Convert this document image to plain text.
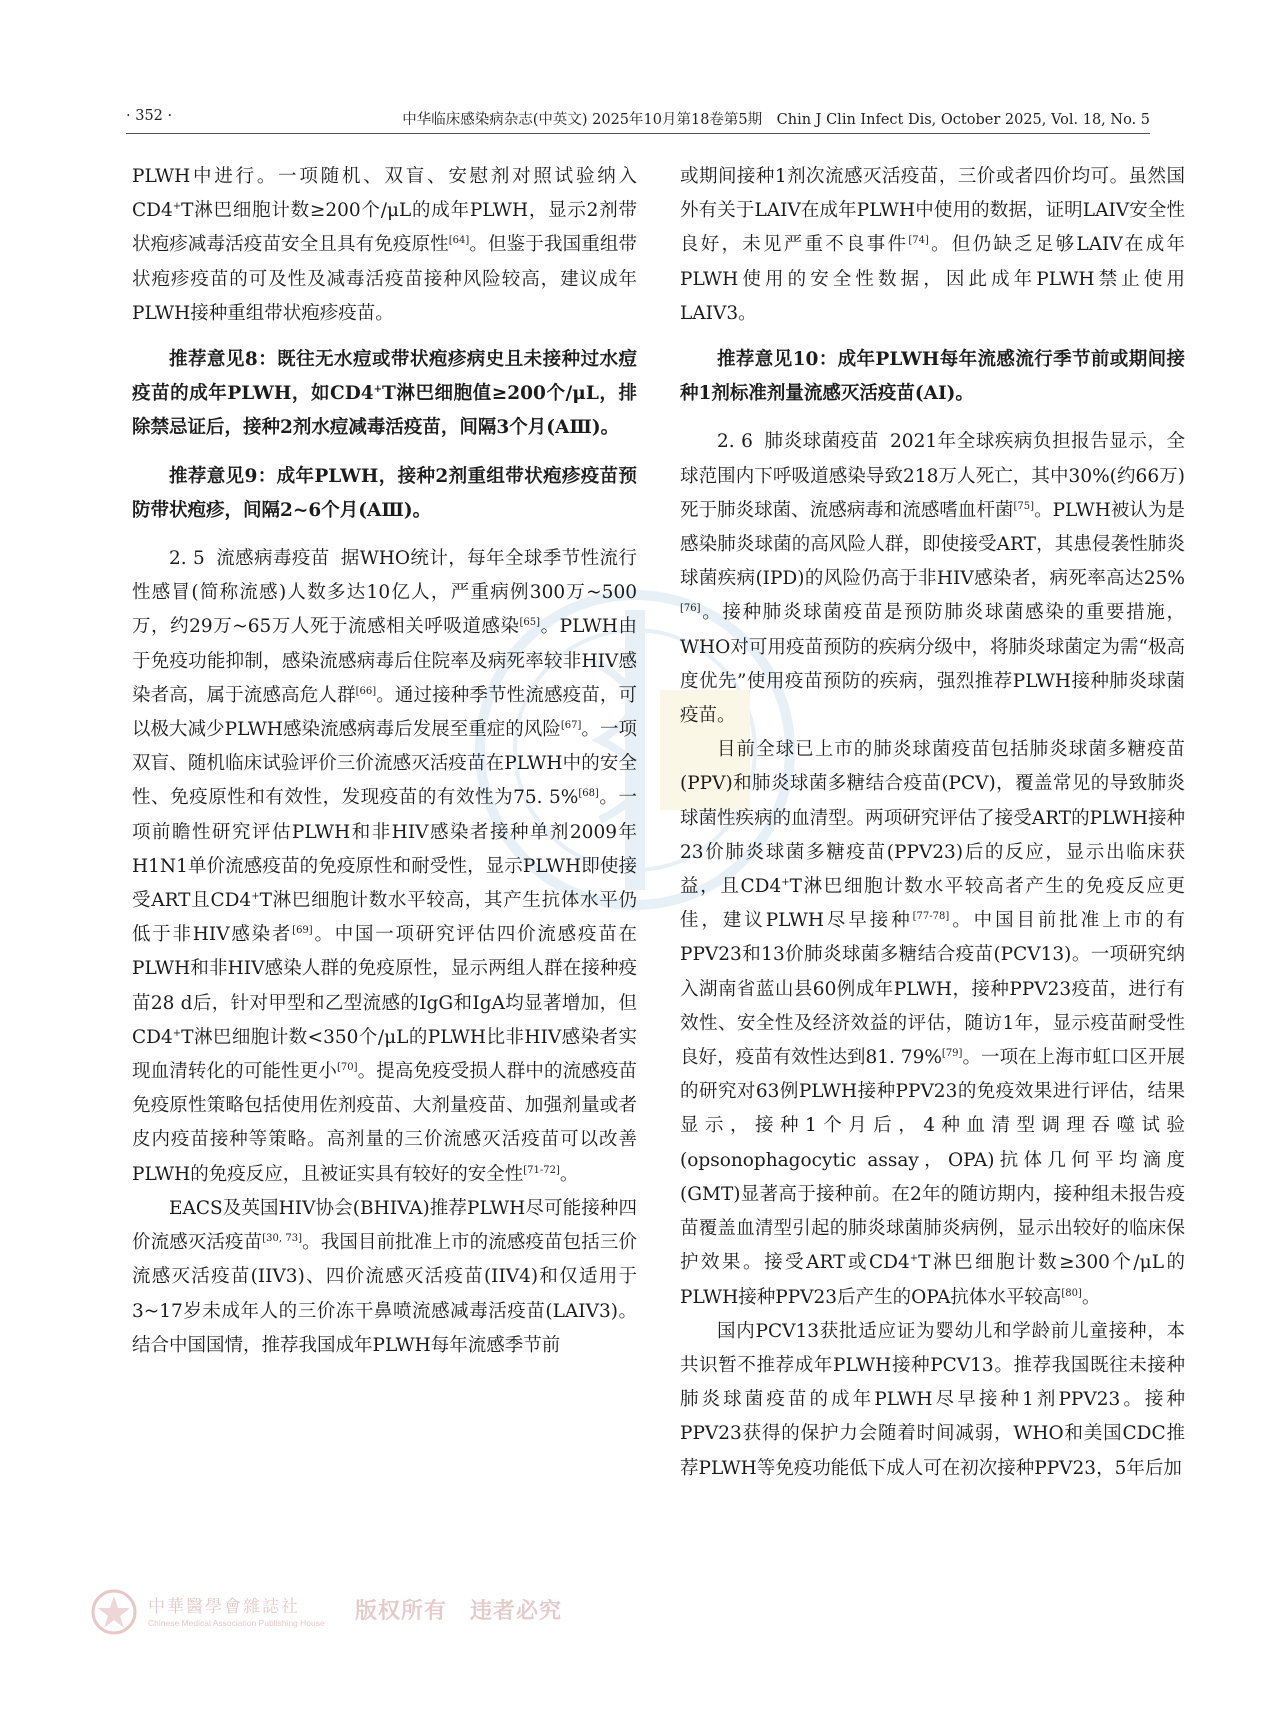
· 352 ·	中华临床感染病杂志(中英文) 2025年10月第18卷第5期　Chin J Clin Infect Dis, October 2025, Vol. 18, No. 5

PLWH中进行。一项随机、双盲、安慰剂对照试验纳入CD4+T淋巴细胞计数≥200个/μL的成年PLWH，显示2剂带状疱疹减毒活疫苗安全且具有免疫原性[64]。但鉴于我国重组带状疱疹疫苗的可及性及减毒活疫苗接种风险较高，建议成年PLWH接种重组带状疱疹疫苗。

推荐意见8：既往无水痘或带状疱疹病史且未接种过水痘疫苗的成年PLWH，如CD4+T淋巴细胞值≥200个/μL，排除禁忌证后，接种2剂水痘减毒活疫苗，间隔3个月(AⅢ)。

推荐意见9：成年PLWH，接种2剂重组带状疱疹疫苗预防带状疱疹，间隔2~6个月(AⅢ)。

2. 5 流感病毒疫苗 据WHO统计，每年全球季节性流行性感冒(简称流感)人数多达10亿人，严重病例300万~500万，约29万~65万人死于流感相关呼吸道感染[65]。PLWH由于免疫功能抑制，感染流感病毒后住院率及病死率较非HIV感染者高，属于流感高危人群[66]。通过接种季节性流感疫苗，可以极大减少PLWH感染流感病毒后发展至重症的风险[67]。一项双盲、随机临床试验评价三价流感灭活疫苗在PLWH中的安全性、免疫原性和有效性，发现疫苗的有效性为75. 5%[68]。一项前瞻性研究评估PLWH和非HIV感染者接种单剂2009年H1N1单价流感疫苗的免疫原性和耐受性，显示PLWH即使接受ART且CD4+T淋巴细胞计数水平较高，其产生抗体水平仍低于非HIV感染者[69]。中国一项研究评估四价流感疫苗在PLWH和非HIV感染人群的免疫原性，显示两组人群在接种疫苗28 d后，针对甲型和乙型流感的IgG和IgA均显著增加，但CD4+T淋巴细胞计数<350个/μL的PLWH比非HIV感染者实现血清转化的可能性更小[70]。提高免疫受损人群中的流感疫苗免疫原性策略包括使用佐剂疫苗、大剂量疫苗、加强剂量或者皮内疫苗接种等策略。高剂量的三价流感灭活疫苗可以改善PLWH的免疫反应，且被证实具有较好的安全性[71-72]。

EACS及英国HIV协会(BHIVA)推荐PLWH尽可能接种四价流感灭活疫苗[30, 73]。我国目前批准上市的流感疫苗包括三价流感灭活疫苗(IIV3)、四价流感灭活疫苗(IIV4)和仅适用于3~17岁未成年人的三价冻干鼻喷流感减毒活疫苗(LAIV3)。结合中国国情，推荐我国成年PLWH每年流感季节前

或期间接种1剂次流感灭活疫苗，三价或者四价均可。虽然国外有关于LAIV在成年PLWH中使用的数据，证明LAIV安全性良好，未见严重不良事件[74]。但仍缺乏足够LAIV在成年PLWH使用的安全性数据，因此成年PLWH禁止使用LAIV3。

推荐意见10：成年PLWH每年流感流行季节前或期间接种1剂标准剂量流感灭活疫苗(AⅠ)。

2. 6 肺炎球菌疫苗 2021年全球疾病负担报告显示，全球范围内下呼吸道感染导致218万人死亡，其中30%(约66万)死于肺炎球菌、流感病毒和流感嗜血杆菌[75]。PLWH被认为是感染肺炎球菌的高风险人群，即使接受ART，其患侵袭性肺炎球菌疾病(IPD)的风险仍高于非HIV感染者，病死率高达25%[76]。接种肺炎球菌疫苗是预防肺炎球菌感染的重要措施，WHO对可用疫苗预防的疾病分级中，将肺炎球菌定为需“极高度优先”使用疫苗预防的疾病，强烈推荐PLWH接种肺炎球菌疫苗。

目前全球已上市的肺炎球菌疫苗包括肺炎球菌多糖疫苗(PPV)和肺炎球菌多糖结合疫苗(PCV)，覆盖常见的导致肺炎球菌性疾病的血清型。两项研究评估了接受ART的PLWH接种23价肺炎球菌多糖疫苗(PPV23)后的反应，显示出临床获益，且CD4+T淋巴细胞计数水平较高者产生的免疫反应更佳，建议PLWH尽早接种[77-78]。中国目前批准上市的有PPV23和13价肺炎球菌多糖结合疫苗(PCV13)。一项研究纳入湖南省蓝山县60例成年PLWH，接种PPV23疫苗，进行有效性、安全性及经济效益的评估，随访1年，显示疫苗耐受性良好，疫苗有效性达到81. 79%[79]。一项在上海市虹口区开展的研究对63例PLWH接种PPV23的免疫效果进行评估，结果显示，接种1个月后，4种血清型调理吞噬试验(opsonophagocytic assay，OPA)抗体几何平均滴度(GMT)显著高于接种前。在2年的随访期内，接种组未报告疫苗覆盖血清型引起的肺炎球菌肺炎病例，显示出较好的临床保护效果。接受ART或CD4+T淋巴细胞计数≥300个/μL的PLWH接种PPV23后产生的OPA抗体水平较高[80]。

国内PCV13获批适应证为婴幼儿和学龄前儿童接种，本共识暂不推荐成年PLWH接种PCV13。推荐我国既往未接种肺炎球菌疫苗的成年PLWH尽早接种1剂PPV23。接种PPV23获得的保护力会随着时间减弱，WHO和美国CDC推荐PLWH等免疫功能低下成人可在初次接种PPV23，5年后加

中華醫學會雜誌社
Chinese Medical Association Publishing House 版权所有　违者必究
